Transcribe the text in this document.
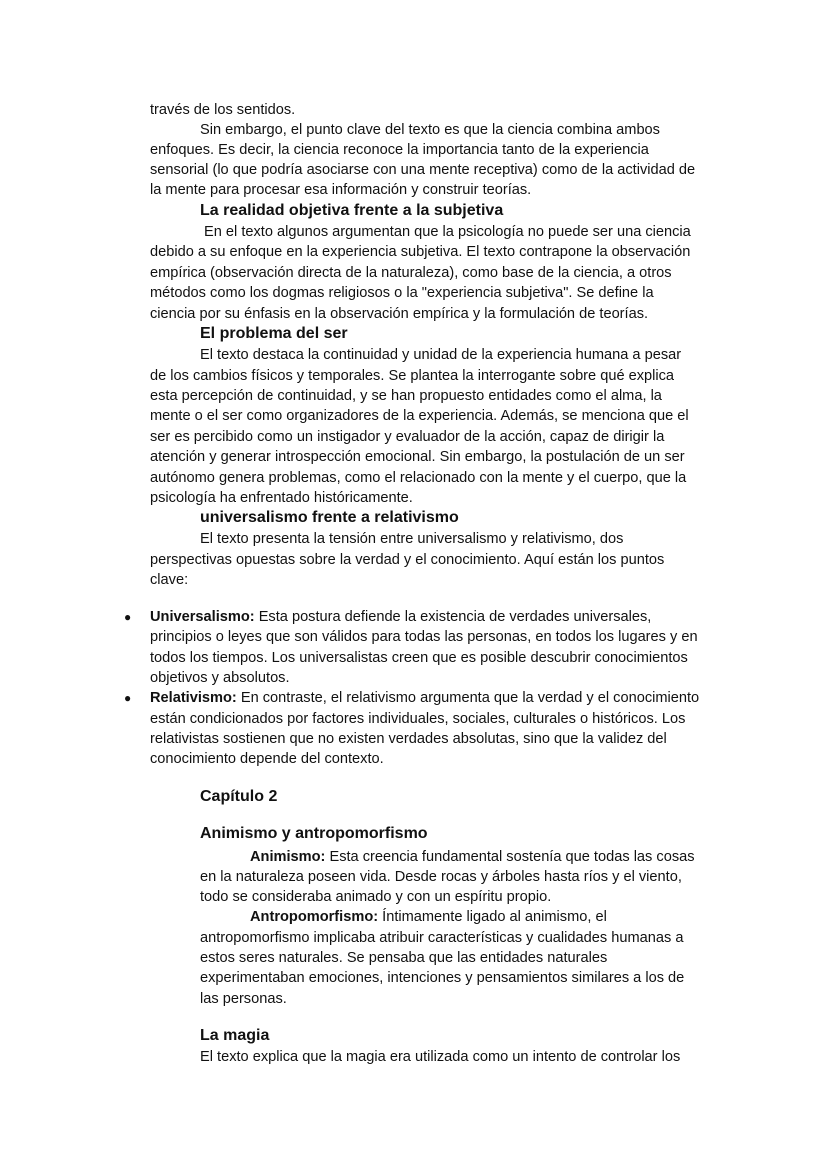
través de los sentidos.
Sin embargo, el punto clave del texto es que la ciencia combina ambos
enfoques. Es decir, la ciencia reconoce la importancia tanto de la experiencia
sensorial (lo que podría asociarse con una mente receptiva) como de la actividad de
la mente para procesar esa información y construir teorías.
La realidad objetiva frente a la subjetiva
En el texto algunos argumentan que la psicología no puede ser una ciencia
debido a su enfoque en la experiencia subjetiva. El texto contrapone la observación
empírica (observación directa de la naturaleza), como base de la ciencia, a otros
métodos como los dogmas religiosos o la "experiencia subjetiva". Se define la
ciencia por su énfasis en la observación empírica y la formulación de teorías.
El problema del ser
El texto destaca la continuidad y unidad de la experiencia humana a pesar
de los cambios físicos y temporales. Se plantea la interrogante sobre qué explica
esta percepción de continuidad, y se han propuesto entidades como el alma, la
mente o el ser como organizadores de la experiencia. Además, se menciona que el
ser es percibido como un instigador y evaluador de la acción, capaz de dirigir la
atención y generar introspección emocional. Sin embargo, la postulación de un ser
autónomo genera problemas, como el relacionado con la mente y el cuerpo, que la
psicología ha enfrentado históricamente.
universalismo frente a relativismo
El texto presenta la tensión entre universalismo y relativismo, dos
perspectivas opuestas sobre la verdad y el conocimiento. Aquí están los puntos
clave:
● Universalismo: Esta postura defiende la existencia de verdades universales,
principios o leyes que son válidos para todas las personas, en todos los lugares y en
todos los tiempos. Los universalistas creen que es posible descubrir conocimientos
objetivos y absolutos.
● Relativismo: En contraste, el relativismo argumenta que la verdad y el conocimiento
están condicionados por factores individuales, sociales, culturales o históricos. Los
relativistas sostienen que no existen verdades absolutas, sino que la validez del
conocimiento depende del contexto.
Capítulo 2
Animismo y antropomorfismo
Animismo: Esta creencia fundamental sostenía que todas las cosas
en la naturaleza poseen vida. Desde rocas y árboles hasta ríos y el viento,
todo se consideraba animado y con un espíritu propio.
Antropomorfismo: Íntimamente ligado al animismo, el
antropomorfismo implicaba atribuir características y cualidades humanas a
estos seres naturales. Se pensaba que las entidades naturales
experimentaban emociones, intenciones y pensamientos similares a los de
las personas.
La magia
El texto explica que la magia era utilizada como un intento de controlar los
